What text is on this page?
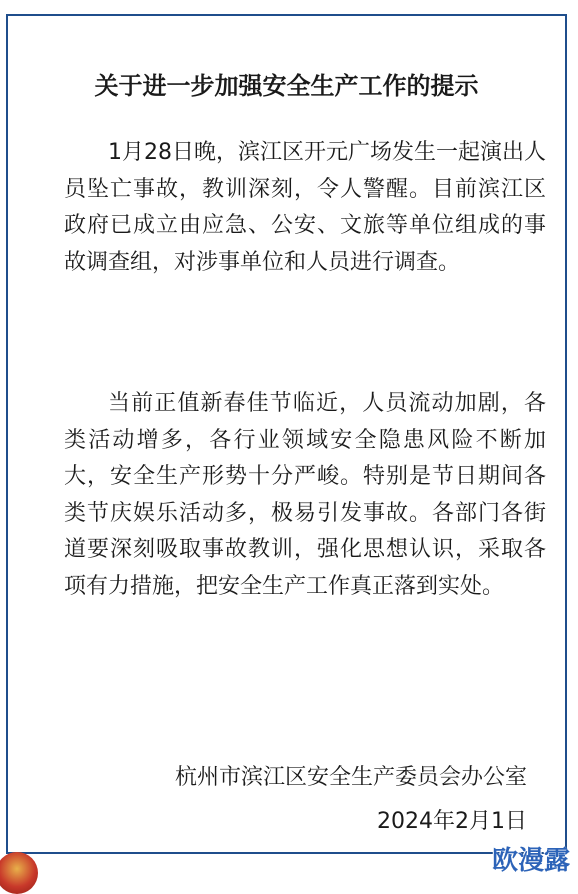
关于进一步加强安全生产工作的提示

1月28日晚，滨江区开元广场发生一起演出人员坠亡事故，教训深刻，令人警醒。目前滨江区政府已成立由应急、公安、文旅等单位组成的事故调查组，对涉事单位和人员进行调查。

当前正值新春佳节临近，人员流动加剧，各类活动增多，各行业领域安全隐患风险不断加大，安全生产形势十分严峻。特别是节日期间各类节庆娱乐活动多，极易引发事故。各部门各街道要深刻吸取事故教训，强化思想认识，采取各项有力措施，把安全生产工作真正落到实处。

杭州市滨江区安全生产委员会办公室

2024年2月1日

欧漫露
